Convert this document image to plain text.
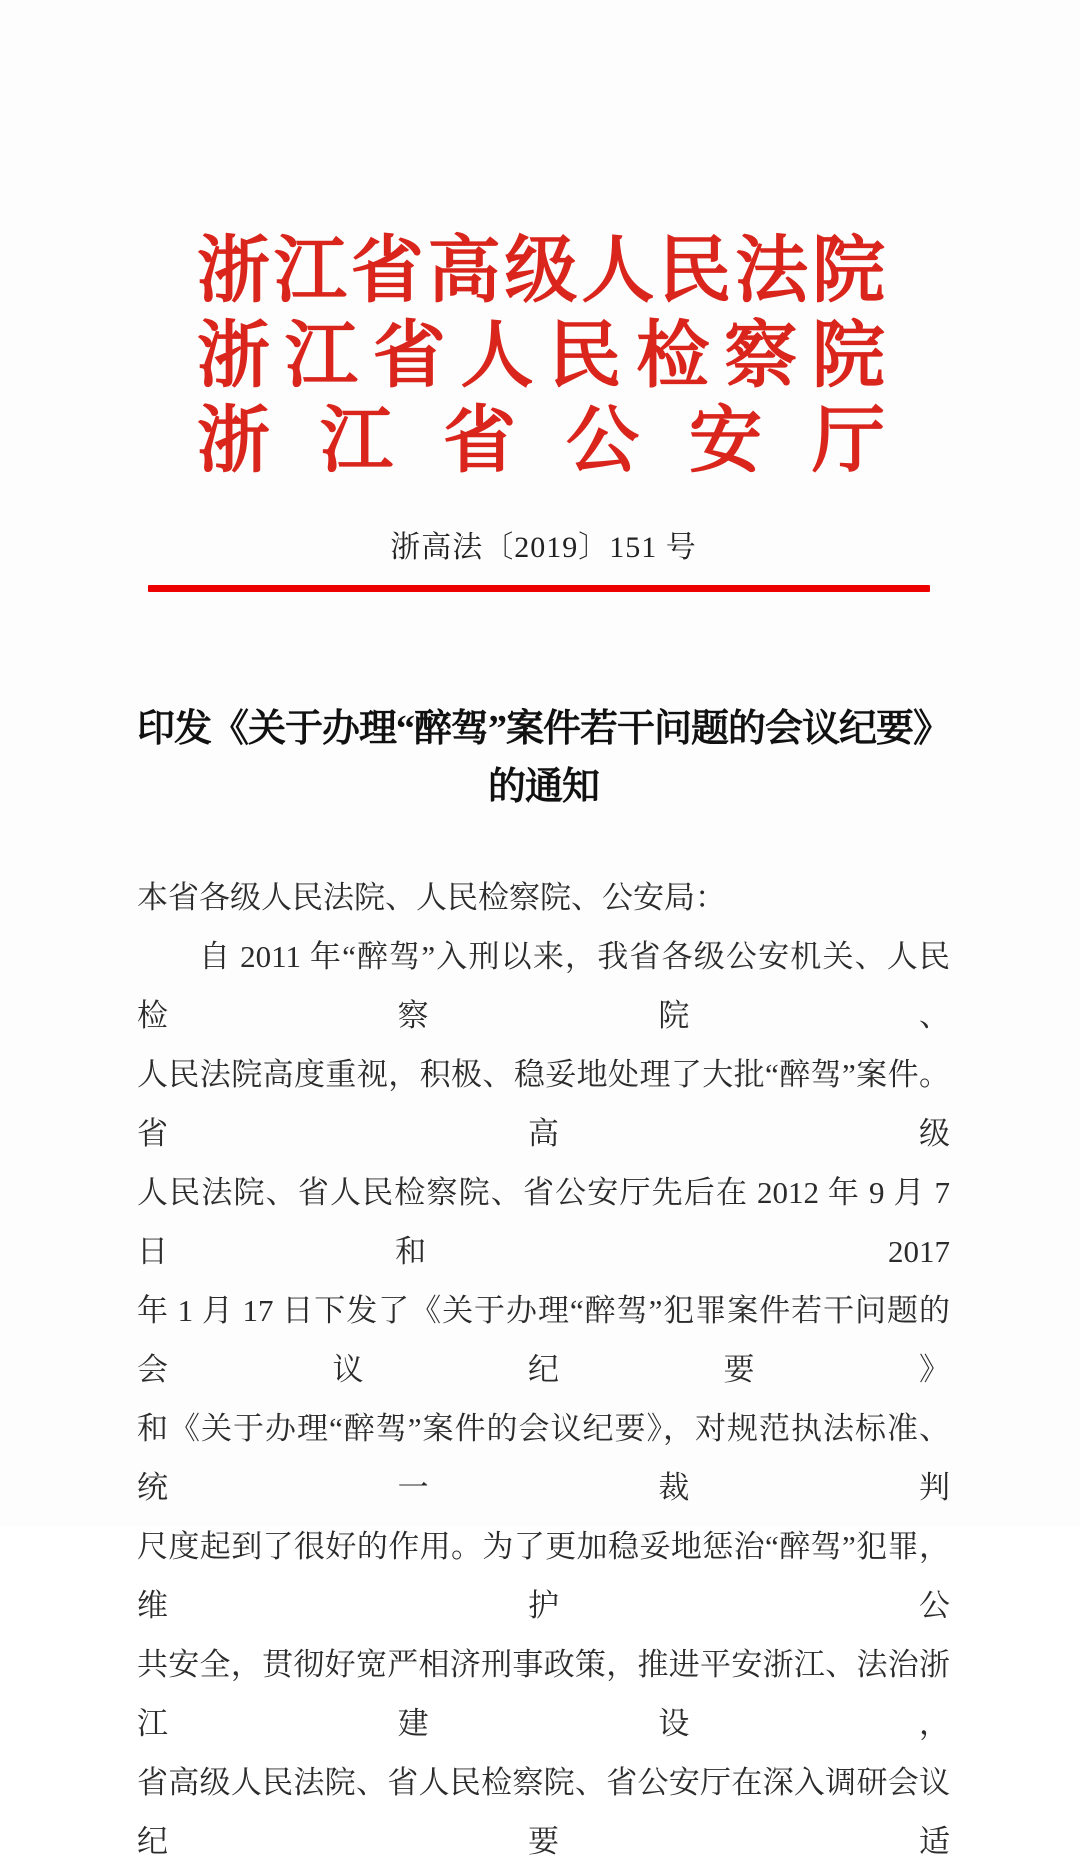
浙 江 省 高 级 人 民 法 院
浙 江 省 人 民 检 察 院
浙 江 省 公 安 厅
浙高法〔2019〕151 号
印发《关于办理“醉驾”案件若干问题的会议纪要》
的通知
本省各级人民法院、人民检察院、公安局：
自 2011 年“醉驾”入刑以来，我省各级公安机关、人民检察院、
人民法院高度重视，积极、稳妥地处理了大批“醉驾”案件。省高级
人民法院、省人民检察院、省公安厅先后在 2012 年 9 月 7 日和 2017
年 1 月 17 日下发了《关于办理“醉驾”犯罪案件若干问题的会议纪要》
和《关于办理“醉驾”案件的会议纪要》，对规范执法标准、统一裁判
尺度起到了很好的作用。为了更加稳妥地惩治“醉驾”犯罪，维护公
共安全，贯彻好宽严相济刑事政策，推进平安浙江、法治浙江建设，
省高级人民法院、省人民检察院、省公安厅在深入调研会议纪要适
